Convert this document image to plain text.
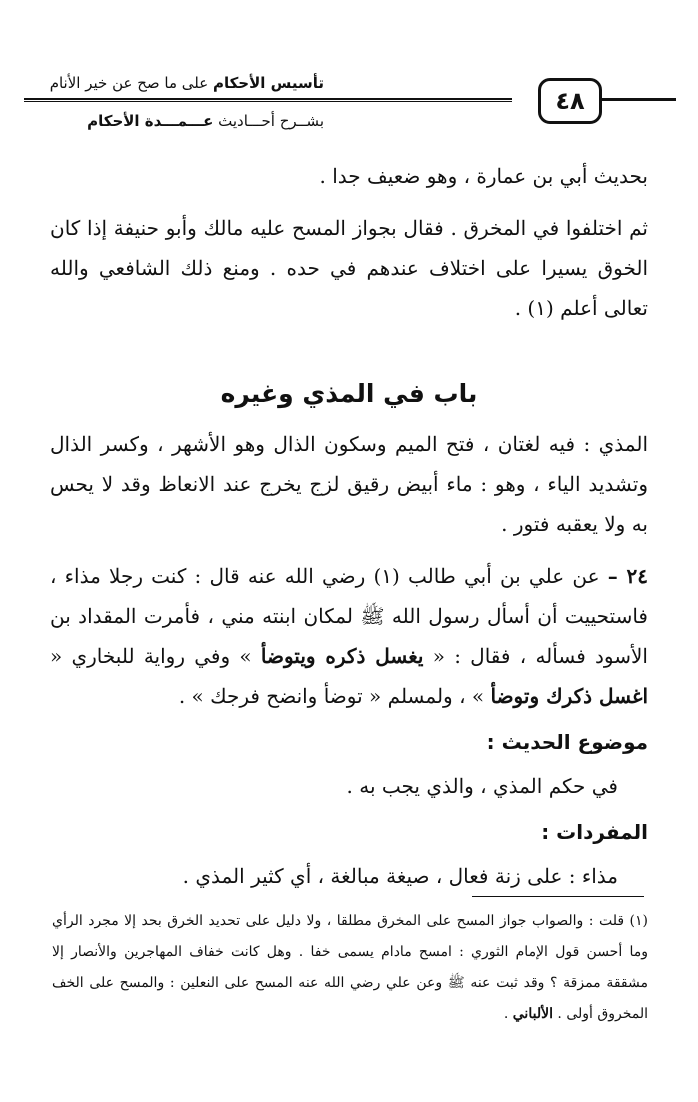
تأسيس الأحكام على ما صح عن خير الأنام
بشــرح أحـــاديث عـــمـــدة الأحكام
٤٨

بحديث أبي بن عمارة ، وهو ضعيف جدا .

ثم اختلفوا في المخرق . فقال بجواز المسح عليه مالك وأبو حنيفة إذا كان الخوق يسيرا على اختلاف عندهم في حده . ومنع ذلك الشافعي والله تعالى أعلم (١) .

باب في المذي وغيره

المذي : فيه لغتان ، فتح الميم وسكون الذال وهو الأشهر ، وكسر الذال وتشديد الياء ، وهو : ماء أبيض رقيق لزج يخرج عند الانعاظ وقد لا يحس به ولا يعقبه فتور .

٢٤ – عن علي بن أبي طالب (١) رضي الله عنه قال : كنت رجلا مذاء ، فاستحييت أن أسأل رسول الله ﷺ لمكان ابنته مني ، فأمرت المقداد بن الأسود فسأله ، فقال : « يغسل ذكره ويتوضأ » وفي رواية للبخاري « اغسل ذكرك وتوضأ » ، ولمسلم « توضأ وانضح فرجك » .

موضوع الحديث :

في حكم المذي ، والذي يجب به .

المفردات :

مذاء : على زنة فعال ، صيغة مبالغة ، أي كثير المذي .

(١) قلت : والصواب جواز المسح على المخرق مطلقا ، ولا دليل على تحديد الخرق بحد إلا مجرد الرأي وما أحسن قول الإمام الثوري : امسح مادام يسمى خفا . وهل كانت خفاف المهاجرين والأنصار إلا مشققة ممزقة ؟ وقد ثبت عنه ﷺ وعن علي رضي الله عنه المسح على النعلين : والمسح على الخف المخروق أولى . الألباني .
